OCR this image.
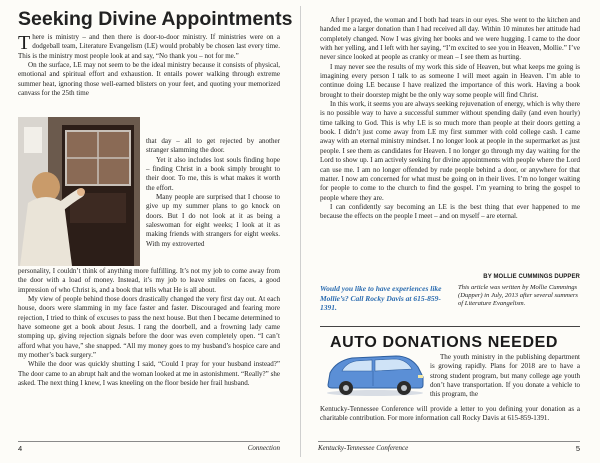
Seeking Divine Appointments

There is ministry – and then there is door-to-door ministry. If ministries were on a dodgeball team, Literature Evangelism (LE) would probably be chosen last every time. This is the ministry most people look at and say, “No thank you – not for me.”

On the surface, LE may not seem to be the ideal ministry because it consists of physical, emotional and spiritual effort and exhaustion. It entails power walking through extreme summer heat, ignoring those well-earned blisters on your feet, and quoting your memorized canvass for the 25th time

that day – all to get rejected by another stranger slamming the door.

Yet it also includes lost souls finding hope – finding Christ in a book simply brought to their door. To me, this is what makes it worth the effort.

Many people are surprised that I choose to give up my summer plans to go knock on doors. But I do not look at it as being a saleswoman for eight weeks; I look at it as making friends with strangers for eight weeks. With my extroverted

personality, I couldn’t think of anything more fulfilling. It’s not my job to come away from the door with a load of money. Instead, it’s my job to leave smiles on faces, a good impression of who Christ is, and a book that tells what He is all about.

My view of people behind those doors drastically changed the very first day out. At each house, doors were slamming in my face faster and faster. Discouraged and fearing more rejection, I tried to think of excuses to pass the next house. But then I became determined to have someone get a book about Jesus. I rang the doorbell, and a frowning lady came stomping up, giving rejection signals before the door was even completely open. “I can’t afford what you have,” she snapped. “All my money goes to my husband’s hospice care and my mother’s back surgery.”

While the door was quickly shutting I said, “Could I pray for your husband instead?” The door came to an abrupt halt and the woman looked at me in astonishment. “Really?” she asked. The next thing I knew, I was kneeling on the floor beside her frail husband.

4	Connection

After I prayed, the woman and I both had tears in our eyes. She went to the kitchen and handed me a larger donation than I had received all day. Within 10 minutes her attitude had completely changed. Now I was giving her books and we were hugging. I came to the door with her yelling, and I left with her saying, “I’m excited to see you in Heaven, Mollie.” I’ve never since looked at people as cranky or mean – I see them as hurting.

I may never see the results of my work this side of Heaven, but what keeps me going is imagining every person I talk to as someone I will meet again in Heaven. I’m able to continue doing LE because I have realized the importance of this work. Having a book brought to their doorstep might be the only way some people will find Christ.

In this work, it seems you are always seeking rejuvenation of energy, which is why there is no possible way to have a successful summer without spending daily (and even hourly) time talking to God. This is why LE is so much more than people at their doors getting a book. I didn’t just come away from LE my first summer with cold college cash. I came away with an eternal ministry mindset. I no longer look at people in the supermarket as just people. I see them as candidates for Heaven. I no longer go through my day waiting for the Lord to show up. I am actively seeking for divine appointments with people where the Lord can use me. I am no longer offended by rude people behind a door, or anywhere for that matter. I now am concerned for what must be going on in their lives. I’m no longer waiting for people to come to the church to find the gospel. I’m yearning to bring the gospel to people where they are.

I can confidently say becoming an LE is the best thing that ever happened to me because the effects on the people I meet – and on myself – are eternal.

BY MOLLIE CUMMINGS DUPPER
Would you like to have experiences like Mollie’s? Call Rocky Davis at 615-859-1391.
This article was written by Mollie Cummings (Dupper) in July, 2013 after several summers of Literature Evangelism.
AUTO DONATIONS NEEDED

The youth ministry in the publishing department is growing rapidly. Plans for 2018 are to have a strong student program, but many college age youth don’t have transportation. If you donate a vehicle to this program, the

Kentucky-Tennessee Conference will provide a letter to you defining your donation as a charitable contribution. For more information call Rocky Davis at 615-859-1391.

Kentucky-Tennessee Conference	5
